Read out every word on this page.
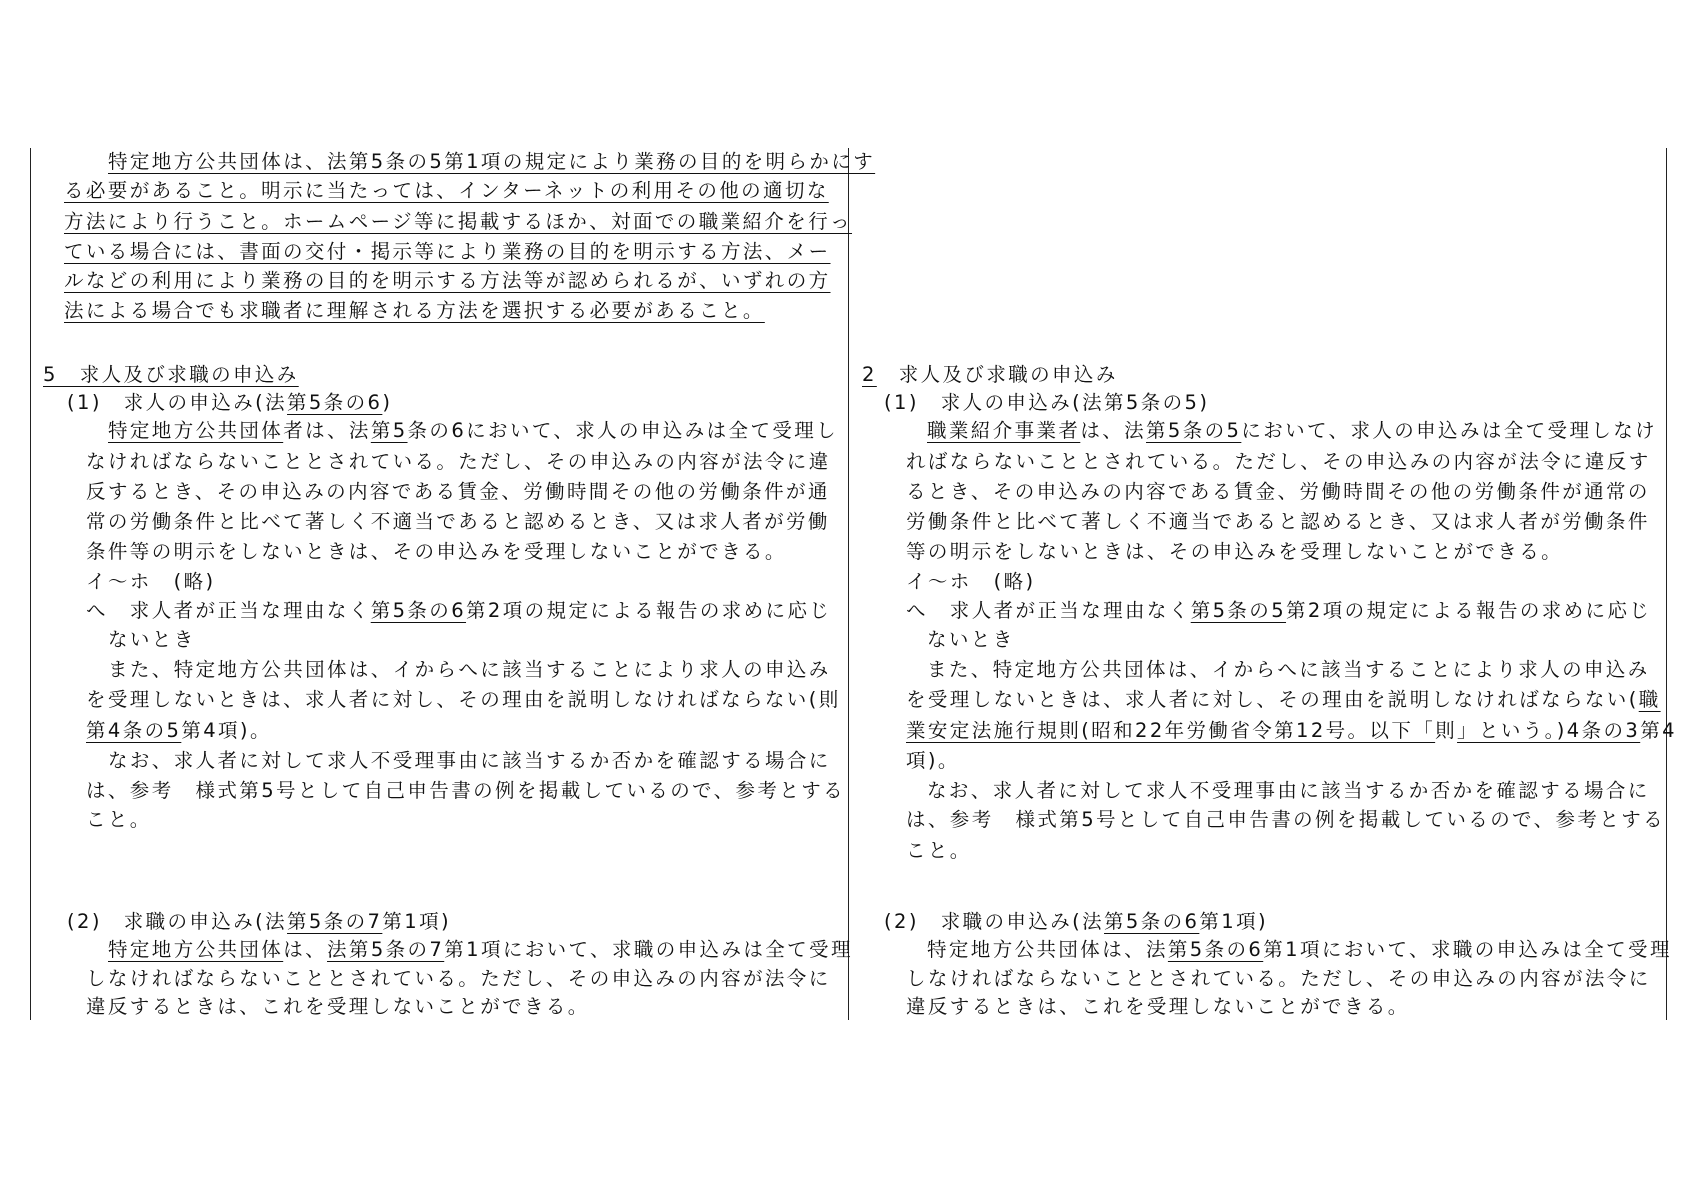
特定地方公共団体は、法第5条の5第1項の規定により業務の目的を明らかにす
る必要があること。明示に当たっては、インターネットの利用その他の適切な
方法により行うこと。ホームページ等に掲載するほか、対面での職業紹介を行っ
ている場合には、書面の交付・掲示等により業務の目的を明示する方法、メー
ルなどの利用により業務の目的を明示する方法等が認められるが、いずれの方
法による場合でも求職者に理解される方法を選択する必要があること。
5　求人及び求職の申込み
(1)　求人の申込み(法第5条の6)
特定地方公共団体者は、法第5条の6において、求人の申込みは全て受理し
なければならないこととされている。ただし、その申込みの内容が法令に違
反するとき、その申込みの内容である賃金、労働時間その他の労働条件が通
常の労働条件と比べて著しく不適当であると認めるとき、又は求人者が労働
条件等の明示をしないときは、その申込みを受理しないことができる。
イ～ホ　(略)
へ　求人者が正当な理由なく第5条の6第2項の規定による報告の求めに応じ
ないとき
また、特定地方公共団体は、イからへに該当することにより求人の申込み
を受理しないときは、求人者に対し、その理由を説明しなければならない(則
第4条の5第4項)。
なお、求人者に対して求人不受理事由に該当するか否かを確認する場合に
は、参考　様式第5号として自己申告書の例を掲載しているので、参考とする
こと。
(2)　求職の申込み(法第5条の7第1項)
特定地方公共団体は、法第5条の7第1項において、求職の申込みは全て受理
しなければならないこととされている。ただし、その申込みの内容が法令に
違反するときは、これを受理しないことができる。
2　求人及び求職の申込み
(1)　求人の申込み(法第5条の5)
職業紹介事業者は、法第5条の5において、求人の申込みは全て受理しなけ
ればならないこととされている。ただし、その申込みの内容が法令に違反す
るとき、その申込みの内容である賃金、労働時間その他の労働条件が通常の
労働条件と比べて著しく不適当であると認めるとき、又は求人者が労働条件
等の明示をしないときは、その申込みを受理しないことができる。
イ～ホ　(略)
へ　求人者が正当な理由なく第5条の5第2項の規定による報告の求めに応じ
ないとき
また、特定地方公共団体は、イからへに該当することにより求人の申込み
を受理しないときは、求人者に対し、その理由を説明しなければならない(職
業安定法施行規則(昭和22年労働省令第12号。以下「則」という。)4条の3第4
項)。
なお、求人者に対して求人不受理事由に該当するか否かを確認する場合に
は、参考　様式第5号として自己申告書の例を掲載しているので、参考とする
こと。
(2)　求職の申込み(法第5条の6第1項)
特定地方公共団体は、法第5条の6第1項において、求職の申込みは全て受理
しなければならないこととされている。ただし、その申込みの内容が法令に
違反するときは、これを受理しないことができる。
